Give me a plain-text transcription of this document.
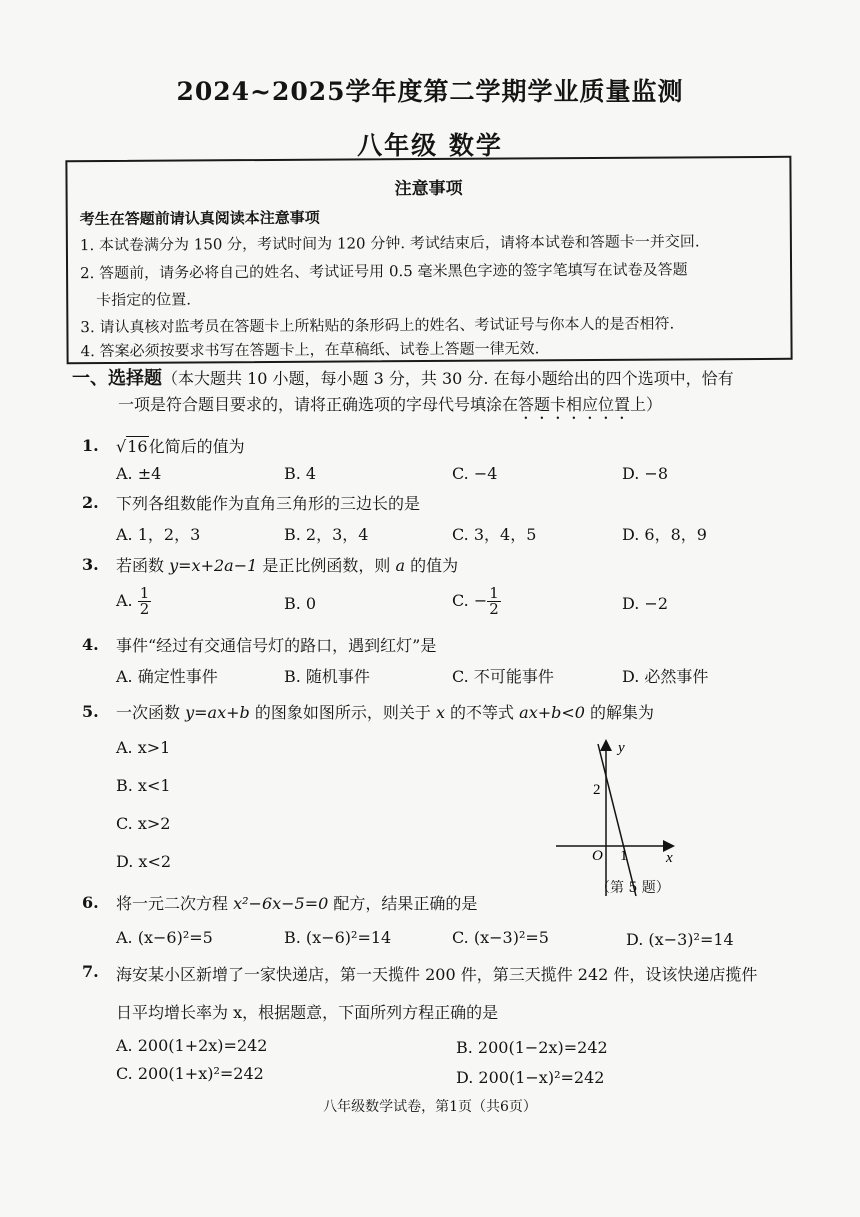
2024~2025学年度第二学期学业质量监测
八年级 数学
注意事项
考生在答题前请认真阅读本注意事项
1. 本试卷满分为 150 分，考试时间为 120 分钟. 考试结束后，请将本试卷和答题卡一并交回.
2. 答题前，请务必将自己的姓名、考试证号用 0.5 毫米黑色字迹的签字笔填写在试卷及答题
卡指定的位置.
3. 请认真核对监考员在答题卡上所粘贴的条形码上的姓名、考试证号与你本人的是否相符.
4. 答案必须按要求书写在答题卡上，在草稿纸、试卷上答题一律无效.
一、选择题（本大题共 10 小题，每小题 3 分，共 30 分. 在每小题给出的四个选项中，恰有
一项是符合题目要求的，请将正确选项的字母代号填涂在答题卡相应位置上）
1. √16化简后的值为
A. ±4	B. 4	C. −4	D. −8
2. 下列各组数能作为直角三角形的三边长的是
A. 1，2，3	B. 2，3，4	C. 3，4，5	D. 6，8，9
3. 若函数 y=x+2a−1 是正比例函数，则 a 的值为
A. $\frac{1}{2}$	B. 0	C. − $\frac{1}{2}$	D. −2
4. 事件“经过有交通信号灯的路口，遇到红灯”是
A. 确定性事件	B. 随机事件	C. 不可能事件	D. 必然事件
5. 一次函数 y=ax+b 的图象如图所示，则关于 x 的不等式 ax+b<0 的解集为
A. x>1
B. x<1
C. x>2
D. x<2
y
x
O
2
1
（第 5 题）
6. 将一元二次方程 x²−6x−5=0 配方，结果正确的是
A. (x−6)²=5	B. (x−6)²=14	C. (x−3)²=5	D. (x−3)²=14
7. 海安某小区新增了一家快递店，第一天揽件 200 件，第三天揽件 242 件，设该快递店揽件
日平均增长率为 x，根据题意，下面所列方程正确的是
A. 200(1+2x)=242	B. 200(1−2x)=242
C. 200(1+x)²=242	D. 200(1−x)²=242
八年级数学试卷，第1页（共6页）
